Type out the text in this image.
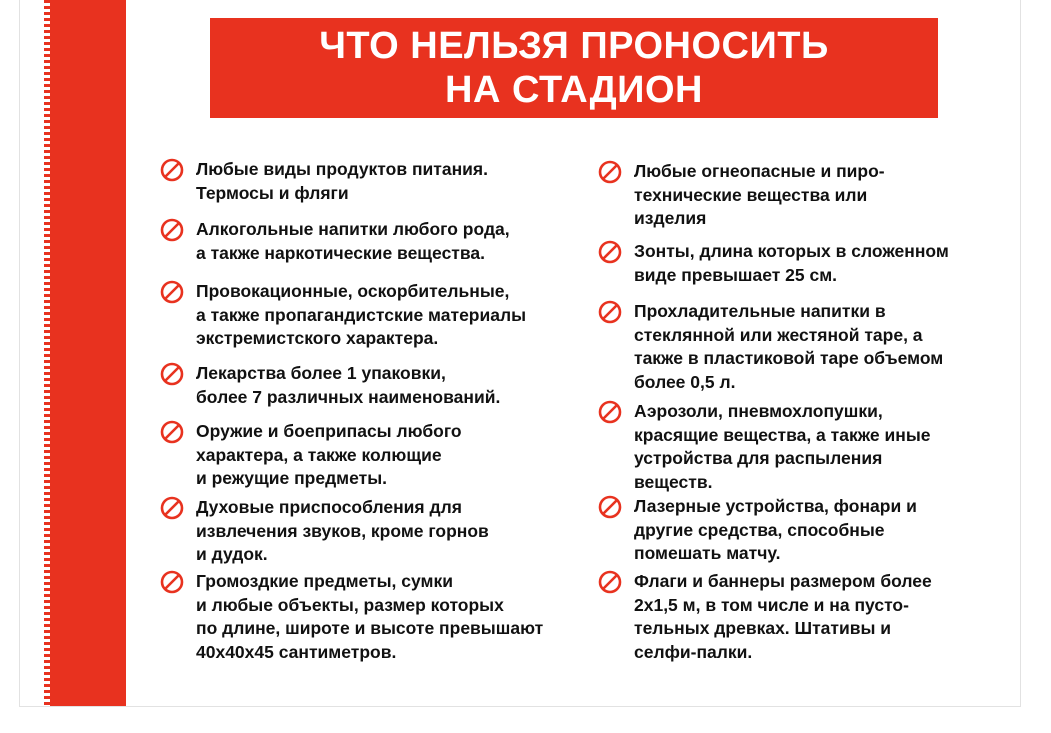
ЧТО НЕЛЬЗЯ ПРОНОСИТЬ
НА СТАДИОН
Любые виды продуктов питания.
Термосы и фляги
Алкогольные напитки любого рода,
а также наркотические вещества.
Провокационные, оскорбительные,
а также пропагандистские материалы
экстремистского характера.
Лекарства более 1 упаковки,
более 7 различных наименований.
Оружие и боеприпасы любого
характера, а также колющие
и режущие предметы.
Духовые приспособления для
извлечения звуков, кроме горнов
и дудок.
Громоздкие предметы, сумки
и любые объекты, размер которых
по длине, широте и высоте превышают
40x40x45 сантиметров.
Любые огнеопасные и пиро-
технические вещества или
изделия
Зонты, длина которых в сложенном
виде превышает 25 см.
Прохладительные напитки в
стеклянной или жестяной таре, а
также в пластиковой таре объемом
более 0,5 л.
Аэрозоли, пневмохлопушки,
красящие вещества, а также иные
устройства для распыления
веществ.
Лазерные устройства, фонари и
другие средства, способные
помешать матчу.
Флаги и баннеры размером более
2x1,5 м, в том числе и на пусто-
тельных древках. Штативы и
селфи-палки.
